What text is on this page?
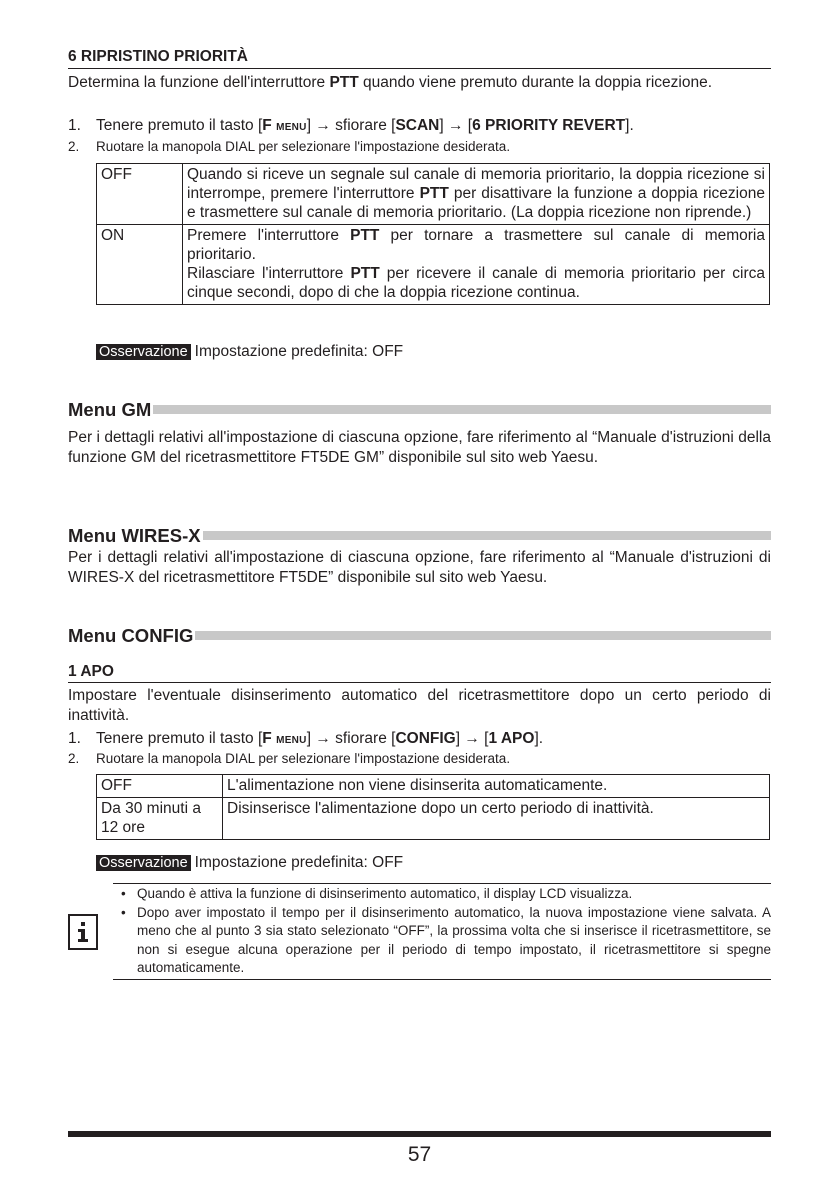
6 RIPRISTINO PRIORITÀ
Determina la funzione dell'interruttore PTT quando viene premuto durante la doppia ricezione.
1. Tenere premuto il tasto [F MENU] → sfiorare [SCAN] → [6 PRIORITY REVERT].
2. Ruotare la manopola DIAL per selezionare l'impostazione desiderata.
OFF	Quando si riceve un segnale sul canale di memoria prioritario, la doppia ricezione si interrompe, premere l'interruttore PTT per disattivare la funzione a doppia ricezione e trasmettere sul canale di memoria prioritario. (La doppia ricezione non riprende.)
ON	Premere l'interruttore PTT per tornare a trasmettere sul canale di memoria prioritario.
Rilasciare l'interruttore PTT per ricevere il canale di memoria prioritario per circa cinque secondi, dopo di che la doppia ricezione continua.
Osservazione Impostazione predefinita: OFF
Menu GM
Per i dettagli relativi all'impostazione di ciascuna opzione, fare riferimento al “Manuale d'istruzioni della funzione GM del ricetrasmettitore FT5DE GM” disponibile sul sito web Yaesu.
Menu WIRES-X
Per i dettagli relativi all'impostazione di ciascuna opzione, fare riferimento al “Manuale d'istruzioni di WIRES-X del ricetrasmettitore FT5DE” disponibile sul sito web Yaesu.
Menu CONFIG
1 APO
Impostare l'eventuale disinserimento automatico del ricetrasmettitore dopo un certo periodo di inattività.
1. Tenere premuto il tasto [F MENU] → sfiorare [CONFIG] → [1 APO].
2. Ruotare la manopola DIAL per selezionare l'impostazione desiderata.
OFF	L'alimentazione non viene disinserita automaticamente.
Da 30 minuti a 12 ore	Disinserisce l'alimentazione dopo un certo periodo di inattività.
Osservazione Impostazione predefinita: OFF
• Quando è attiva la funzione di disinserimento automatico, il display LCD visualizza.
• Dopo aver impostato il tempo per il disinserimento automatico, la nuova impostazione viene salvata. A meno che al punto 3 sia stato selezionato “OFF”, la prossima volta che si inserisce il ricetrasmettitore, se non si esegue alcuna operazione per il periodo di tempo impostato, il ricetrasmettitore si spegne automaticamente.
57
